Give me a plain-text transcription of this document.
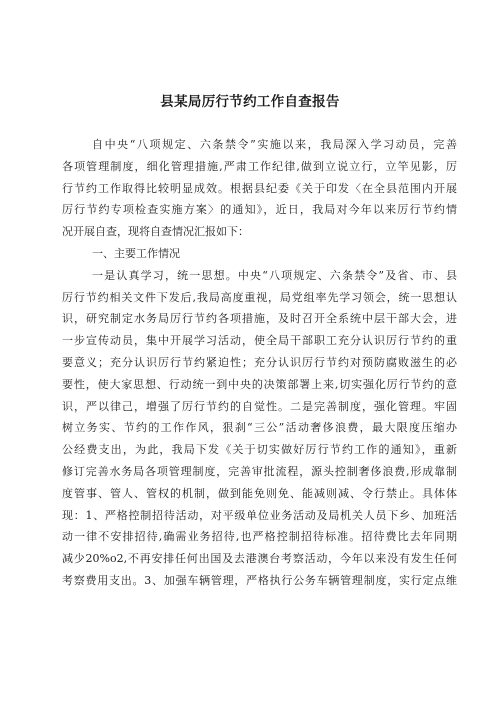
县某局厉行节约工作自查报告
自中央“八项规定、六条禁令”实施以来，我局深入学习动员，完善
各项管理制度，细化管理措施,严肃工作纪律,做到立说立行，立竿见影，厉
行节约工作取得比较明显成效。根据县纪委《关于印发〈在全县范围内开展
厉行节约专项检查实施方案〉的通知》，近日，我局对今年以来厉行节约情
况开展自查，现将自查情况汇报如下：
一、主要工作情况
一是认真学习，统一思想。中央“八项规定、六条禁令”及省、市、县
厉行节约相关文件下发后,我局高度重视，局党组率先学习领会，统一思想认
识，研究制定水务局厉行节约各项措施，及时召开全系统中层干部大会，进
一步宣传动员，集中开展学习活动，使全局干部职工充分认识厉行节约的重
要意义；充分认识厉行节约紧迫性；充分认识厉行节约对预防腐败滋生的必
要性，使大家思想、行动统一到中央的决策部署上来,切实强化厉行节约的意
识，严以律己，增强了厉行节约的自觉性。二是完善制度，强化管理。牢固
树立务实、节约的工作作风，狠刹“三公”活动奢侈浪费，最大限度压缩办
公经费支出，为此，我局下发《关于切实做好厉行节约工作的通知》，重新
修订完善水务局各项管理制度，完善审批流程，源头控制奢侈浪费,形成靠制
度管事、管人、管权的机制，做到能免则免、能减则减、令行禁止。具体体
现：1、严格控制招待活动，对平级单位业务活动及局机关人员下乡、加班活
动一律不安排招待,确需业务招待,也严格控制招待标准。招待费比去年同期
减少20%o2,不再安排任何出国及去港澳台考察活动，今年以来没有发生任何
考察费用支出。3、加强车辆管理，严格执行公务车辆管理制度，实行定点维
